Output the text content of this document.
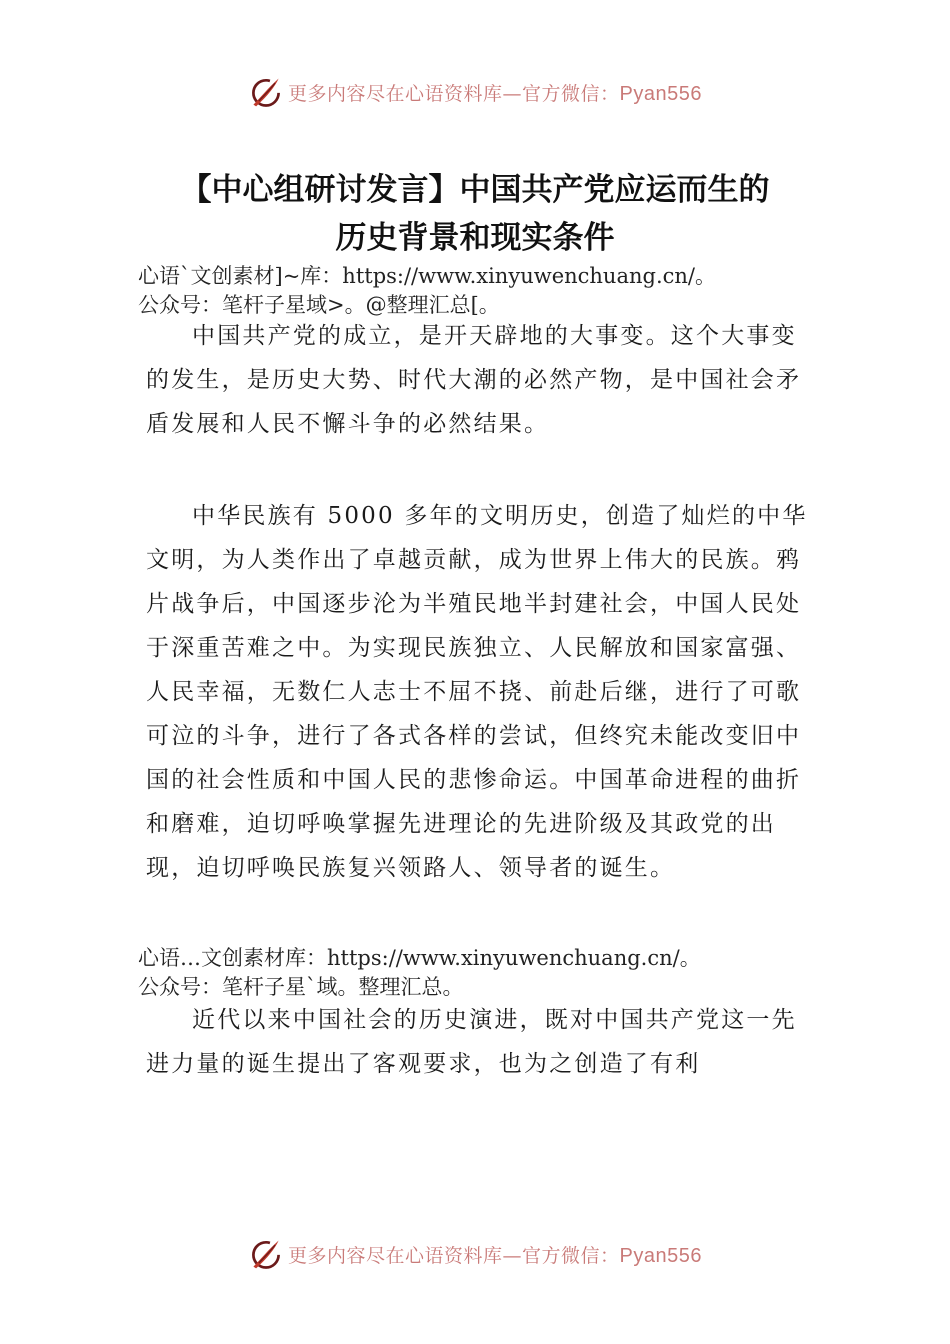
更多内容尽在心语资料库—官方微信：Pyan556
【中心组研讨发言】中国共产党应运而生的
历史背景和现实条件
心语`文创素材]~库：https://www.xinyuwenchuang.cn/。
公众号：笔杆子星域>。@整理汇总[。

中国共产党的成立，是开天辟地的大事变。这个大事变的发生，是历史大势、时代大潮的必然产物，是中国社会矛盾发展和人民不懈斗争的必然结果。

中华民族有 5000 多年的文明历史，创造了灿烂的中华文明，为人类作出了卓越贡献，成为世界上伟大的民族。鸦片战争后，中国逐步沦为半殖民地半封建社会，中国人民处于深重苦难之中。为实现民族独立、人民解放和国家富强、人民幸福，无数仁人志士不屈不挠、前赴后继，进行了可歌可泣的斗争，进行了各式各样的尝试，但终究未能改变旧中国的社会性质和中国人民的悲惨命运。中国革命进程的曲折和磨难，迫切呼唤掌握先进理论的先进阶级及其政党的出现，迫切呼唤民族复兴领路人、领导者的诞生。

心语…文创素材库：https://www.xinyuwenchuang.cn/。
公众号：笔杆子星`域。整理汇总。

近代以来中国社会的历史演进，既对中国共产党这一先进力量的诞生提出了客观要求，也为之创造了有利

更多内容尽在心语资料库—官方微信：Pyan556
